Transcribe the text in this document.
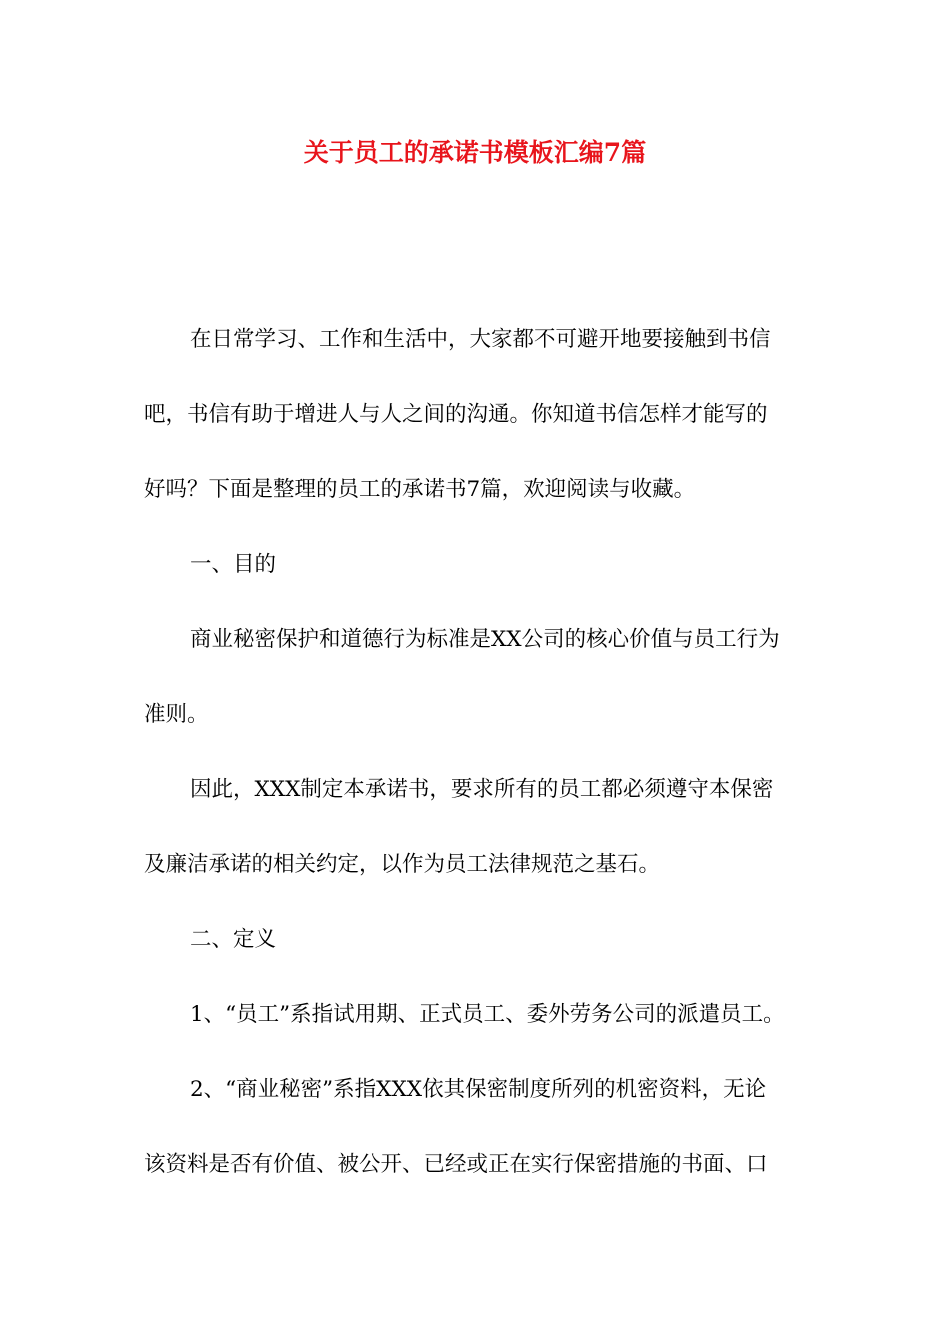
关于员工的承诺书模板汇编7篇
在日常学习、工作和生活中，大家都不可避开地要接触到书信
吧，书信有助于增进人与人之间的沟通。你知道书信怎样才能写的
好吗？下面是整理的员工的承诺书7篇，欢迎阅读与收藏。
一、目的
商业秘密保护和道德行为标准是XX公司的核心价值与员工行为
准则。
因此，XXX制定本承诺书，要求所有的员工都必须遵守本保密
及廉洁承诺的相关约定，以作为员工法律规范之基石。
二、定义
1、“员工”系指试用期、正式员工、委外劳务公司的派遣员工。
2、“商业秘密”系指XXX依其保密制度所列的机密资料，无论
该资料是否有价值、被公开、已经或正在实行保密措施的书面、口
